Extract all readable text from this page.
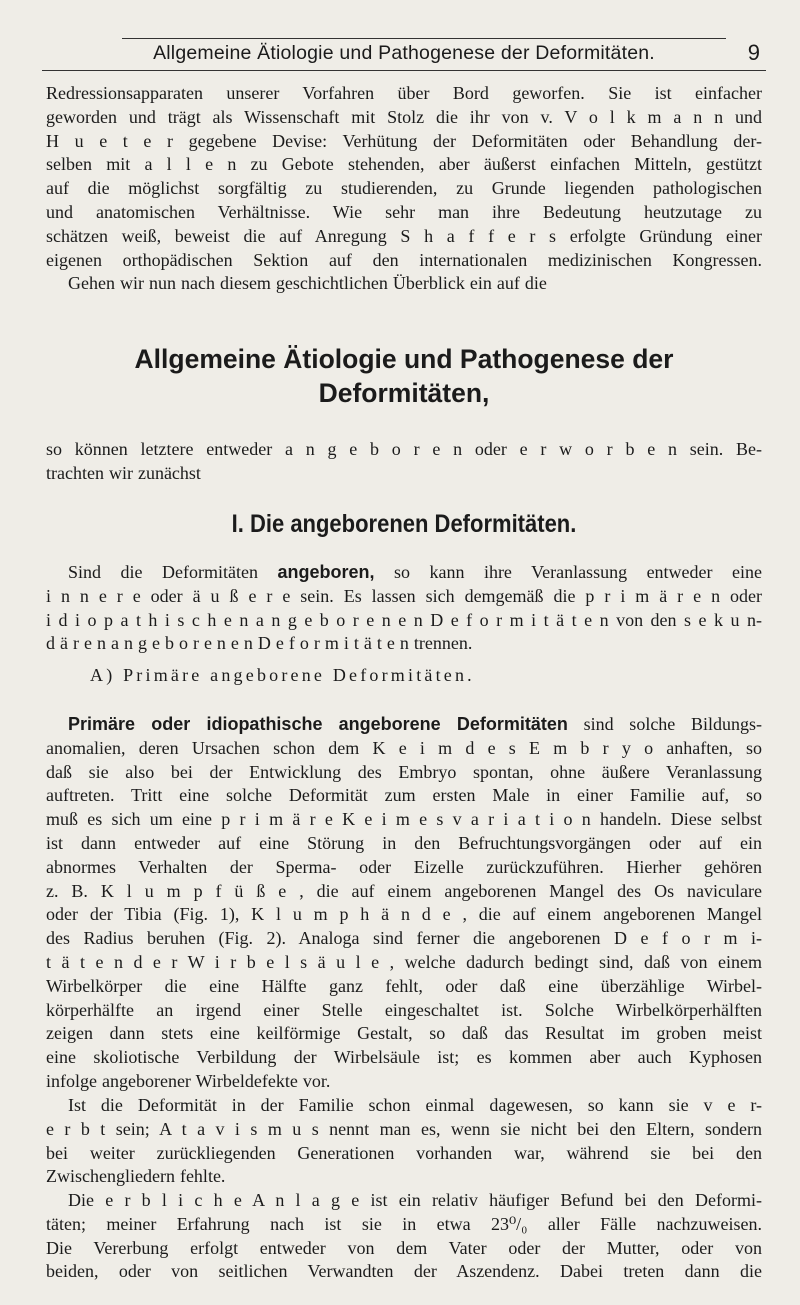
Allgemeine Ätiologie und Pathogenese der Deformitäten.	9
Redressionsapparaten unserer Vorfahren über Bord geworfen. Sie ist einfacher
geworden und trägt als Wissenschaft mit Stolz die ihr von v. V o l k m a n n und
H u e t e r gegebene Devise: Verhütung der Deformitäten oder Behandlung der-
selben mit a l l e n zu Gebote stehenden, aber äußerst einfachen Mitteln, gestützt
auf die möglichst sorgfältig zu studierenden, zu Grunde liegenden pathologischen
und anatomischen Verhältnisse. Wie sehr man ihre Bedeutung heutzutage zu
schätzen weiß, beweist die auf Anregung S h a f f e r s erfolgte Gründung einer
eigenen orthopädischen Sektion auf den internationalen medizinischen Kongressen.
Gehen wir nun nach diesem geschichtlichen Überblick ein auf die
Allgemeine Ätiologie und Pathogenese der
Deformitäten,
so können letztere entweder a n g e b o r e n oder e r w o r b e n sein. Be-
trachten wir zunächst
I. Die angeborenen Deformitäten.
Sind die Deformitäten angeboren, so kann ihre Veranlassung entweder eine
i n n e r e oder ä u ß e r e sein. Es lassen sich demgemäß die p r i m ä r e n oder
i d i o p a t h i s c h e n a n g e b o r e n e n D e f o r m i t ä t e n von den s e k u n-
d ä r e n a n g e b o r e n e n D e f o r m i t ä t e n trennen.
A) Primäre angeborene Deformitäten.
Primäre oder idiopathische angeborene Deformitäten sind solche Bildungs-
anomalien, deren Ursachen schon dem K e i m d e s E m b r y o anhaften, so
daß sie also bei der Entwicklung des Embryo spontan, ohne äußere Veranlassung
auftreten. Tritt eine solche Deformität zum ersten Male in einer Familie auf, so
muß es sich um eine p r i m ä r e K e i m e s v a r i a t i o n handeln. Diese selbst
ist dann entweder auf eine Störung in den Befruchtungsvorgängen oder auf ein
abnormes Verhalten der Sperma- oder Eizelle zurückzuführen. Hierher gehören
z. B. K l u m p f ü ß e , die auf einem angeborenen Mangel des Os naviculare
oder der Tibia (Fig. 1), K l u m p h ä n d e , die auf einem angeborenen Mangel
des Radius beruhen (Fig. 2). Analoga sind ferner die angeborenen D e f o r m i-
t ä t e n d e r W i r b e l s ä u l e , welche dadurch bedingt sind, daß von einem
Wirbelkörper die eine Hälfte ganz fehlt, oder daß eine überzählige Wirbel-
körperhälfte an irgend einer Stelle eingeschaltet ist. Solche Wirbelkörperhälften
zeigen dann stets eine keilförmige Gestalt, so daß das Resultat im groben meist
eine skoliotische Verbildung der Wirbelsäule ist; es kommen aber auch Kyphosen
infolge angeborener Wirbeldefekte vor.
Ist die Deformität in der Familie schon einmal dagewesen, so kann sie v e r-
e r b t sein; A t a v i s m u s nennt man es, wenn sie nicht bei den Eltern, sondern
bei weiter zurückliegenden Generationen vorhanden war, während sie bei den
Zwischengliedern fehlte.
Die e r b l i c h e A n l a g e ist ein relativ häufiger Befund bei den Deformi-
täten; meiner Erfahrung nach ist sie in etwa 23⁰/₀ aller Fälle nachzuweisen.
Die Vererbung erfolgt entweder von dem Vater oder der Mutter, oder von
beiden, oder von seitlichen Verwandten der Aszendenz. Dabei treten dann die
